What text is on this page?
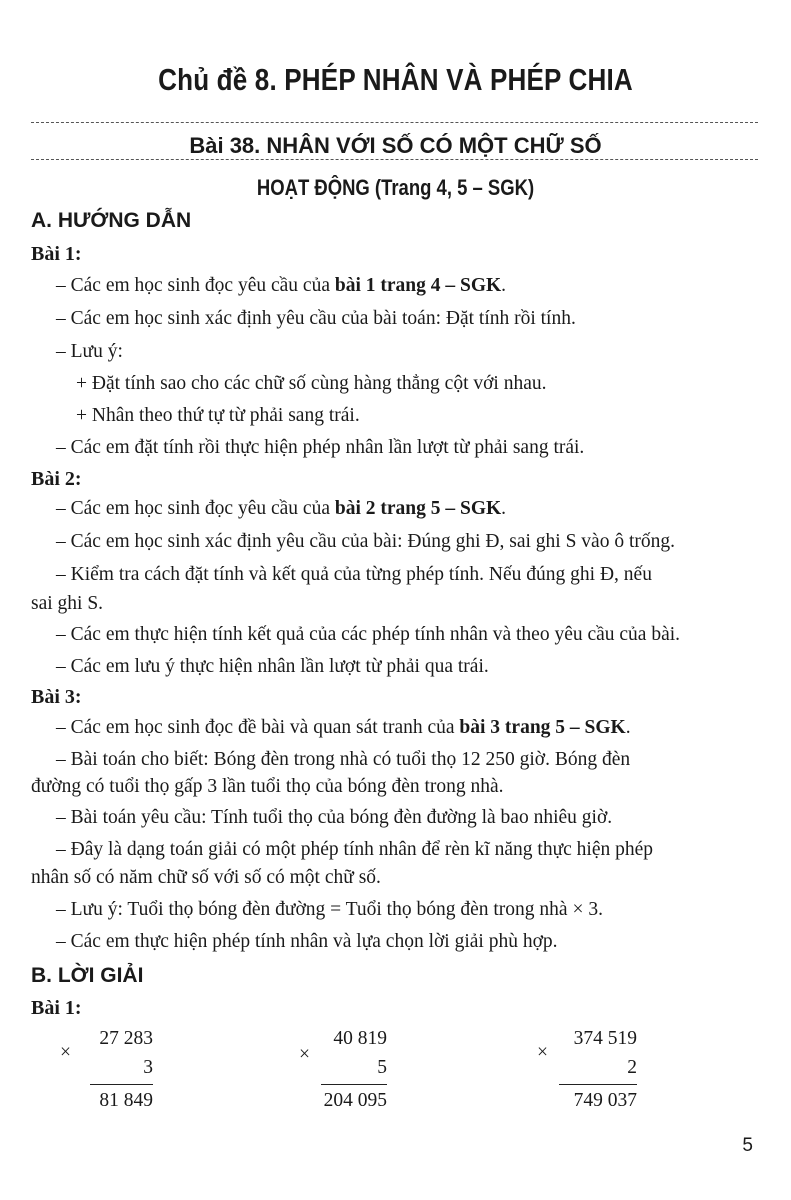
Chủ đề 8. PHÉP NHÂN VÀ PHÉP CHIA
Bài 38. NHÂN VỚI SỐ CÓ MỘT CHỮ SỐ
HOẠT ĐỘNG (Trang 4, 5 – SGK)
A. HƯỚNG DẪN
Bài 1:
– Các em học sinh đọc yêu cầu của bài 1 trang 4 – SGK.
– Các em học sinh xác định yêu cầu của bài toán: Đặt tính rồi tính.
– Lưu ý:
+ Đặt tính sao cho các chữ số cùng hàng thẳng cột với nhau.
+ Nhân theo thứ tự từ phải sang trái.
– Các em đặt tính rồi thực hiện phép nhân lần lượt từ phải sang trái.
Bài 2:
– Các em học sinh đọc yêu cầu của bài 2 trang 5 – SGK.
– Các em học sinh xác định yêu cầu của bài: Đúng ghi Đ, sai ghi S vào ô trống.
– Kiểm tra cách đặt tính và kết quả của từng phép tính. Nếu đúng ghi Đ, nếu
sai ghi S.
– Các em thực hiện tính kết quả của các phép tính nhân và theo yêu cầu của bài.
– Các em lưu ý thực hiện nhân lần lượt từ phải qua trái.
Bài 3:
– Các em học sinh đọc đề bài và quan sát tranh của bài 3 trang 5 – SGK.
– Bài toán cho biết: Bóng đèn trong nhà có tuổi thọ 12 250 giờ. Bóng đèn
đường có tuổi thọ gấp 3 lần tuổi thọ của bóng đèn trong nhà.
– Bài toán yêu cầu: Tính tuổi thọ của bóng đèn đường là bao nhiêu giờ.
– Đây là dạng toán giải có một phép tính nhân để rèn kĩ năng thực hiện phép
nhân số có năm chữ số với số có một chữ số.
– Lưu ý: Tuổi thọ bóng đèn đường = Tuổi thọ bóng đèn trong nhà × 3.
– Các em thực hiện phép tính nhân và lựa chọn lời giải phù hợp.
B. LỜI GIẢI
Bài 1:
27 283
×
3
81 849
40 819
×
5
204 095
374 519
×
2
749 037
5
